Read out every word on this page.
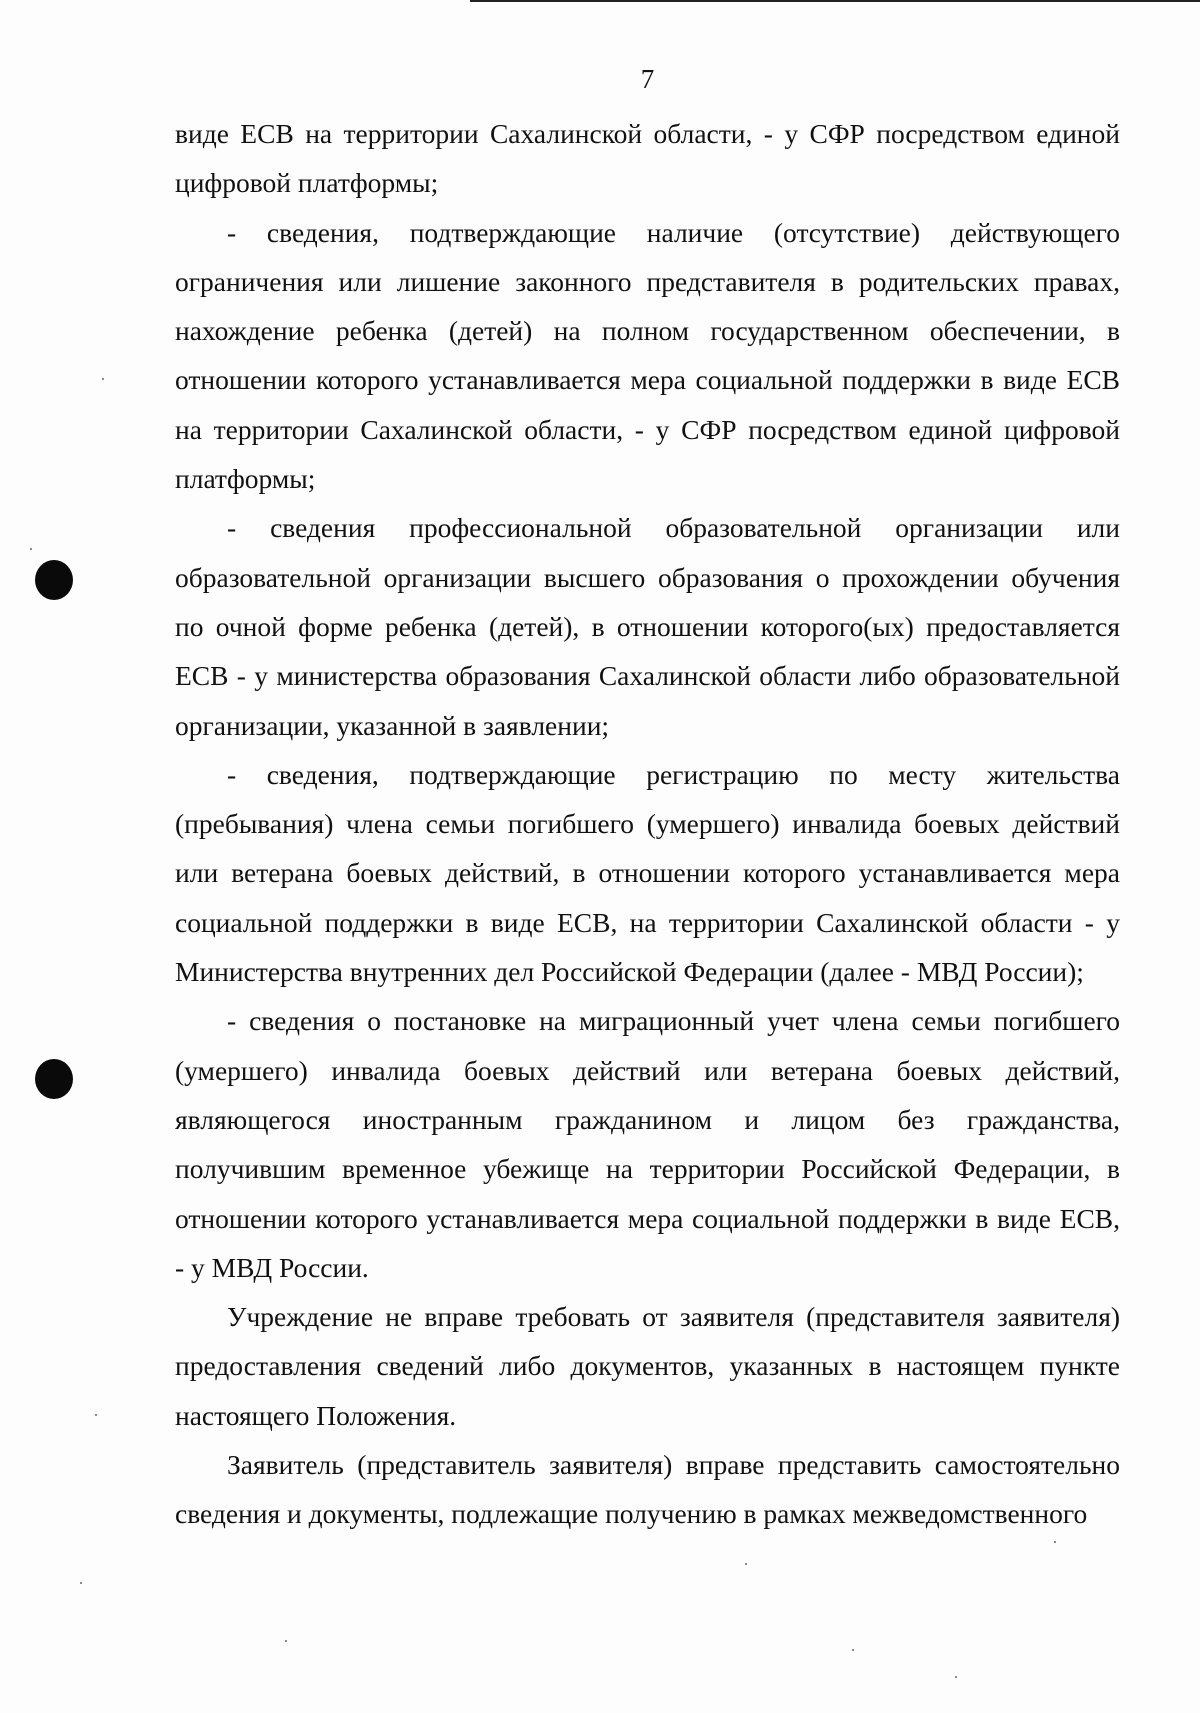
7

виде ЕСВ на территории Сахалинской области, - у СФР посредством единой цифровой платформы;

- сведения, подтверждающие наличие (отсутствие) действующего ограничения или лишение законного представителя в родительских правах, нахождение ребенка (детей) на полном государственном обеспечении, в отношении которого устанавливается мера социальной поддержки в виде ЕСВ на территории Сахалинской области, - у СФР посредством единой цифровой платформы;

- сведения профессиональной образовательной организации или образовательной организации высшего образования о прохождении обучения по очной форме ребенка (детей), в отношении которого(ых) предоставляется ЕСВ - у министерства образования Сахалинской области либо образовательной организации, указанной в заявлении;

- сведения, подтверждающие регистрацию по месту жительства (пребывания) члена семьи погибшего (умершего) инвалида боевых действий или ветерана боевых действий, в отношении которого устанавливается мера социальной поддержки в виде ЕСВ, на территории Сахалинской области - у Министерства внутренних дел Российской Федерации (далее - МВД России);

- сведения о постановке на миграционный учет члена семьи погибшего (умершего) инвалида боевых действий или ветерана боевых действий, являющегося иностранным гражданином и лицом без гражданства, получившим временное убежище на территории Российской Федерации, в отношении которого устанавливается мера социальной поддержки в виде ЕСВ, - у МВД России.

Учреждение не вправе требовать от заявителя (представителя заявителя) предоставления сведений либо документов, указанных в настоящем пункте настоящего Положения.

Заявитель (представитель заявителя) вправе представить самостоятельно сведения и документы, подлежащие получению в рамках межведомственного
